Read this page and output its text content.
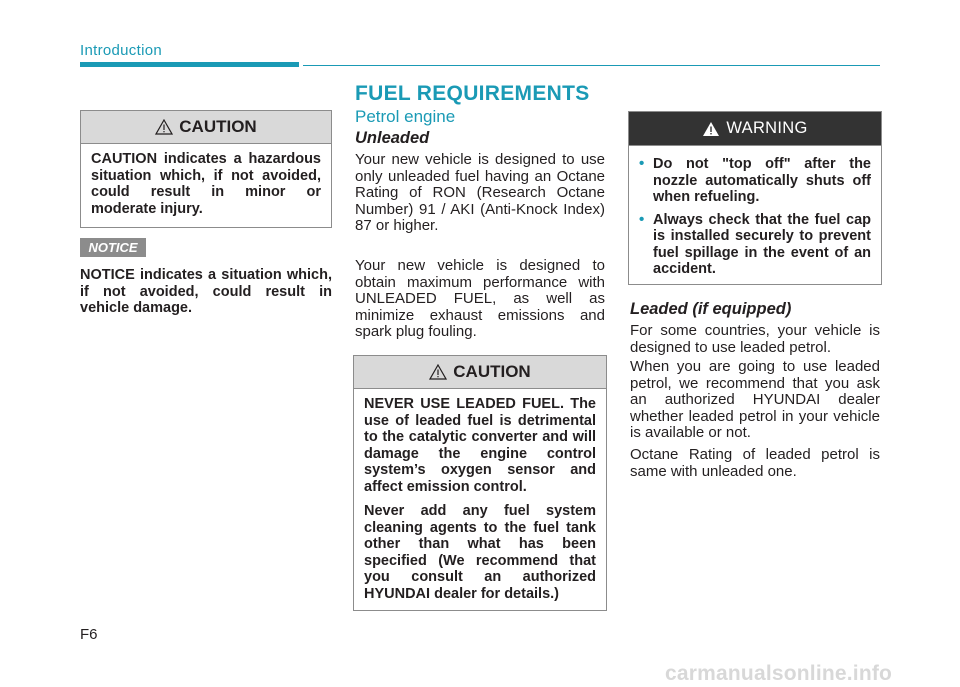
Introduction
CAUTION
CAUTION indicates a hazardous situation which, if not avoided, could result in minor or moderate injury.
NOTICE
NOTICE indicates a situation which, if not avoided, could result in vehicle damage.
FUEL REQUIREMENTS
Petrol engine
Unleaded

Your new vehicle is designed to use only unleaded fuel having an Octane Rating of RON (Research Octane Number) 91 / AKI (Anti-Knock Index) 87 or higher.

Your new vehicle is designed to obtain maximum performance with UNLEADED FUEL, as well as minimize exhaust emissions and spark plug fouling.

CAUTION

NEVER USE LEADED FUEL. The use of leaded fuel is detrimental to the catalytic converter and will damage the engine control system’s oxygen sensor and affect emission control.

Never add any fuel system cleaning agents to the fuel tank other than what has been specified (We recommend that you consult an authorized HYUNDAI dealer for details.)

WARNING
• Do not "top off" after the nozzle automatically shuts off when refueling.
• Always check that the fuel cap is installed securely to prevent fuel spillage in the event of an accident.
Leaded (if equipped)

For some countries, your vehicle is designed to use leaded petrol.

When you are going to use leaded petrol, we recommend that you ask an authorized HYUNDAI dealer whether leaded petrol in your vehicle is available or not.

Octane Rating of leaded petrol is same with unleaded one.

F6
carmanualsonline.info
